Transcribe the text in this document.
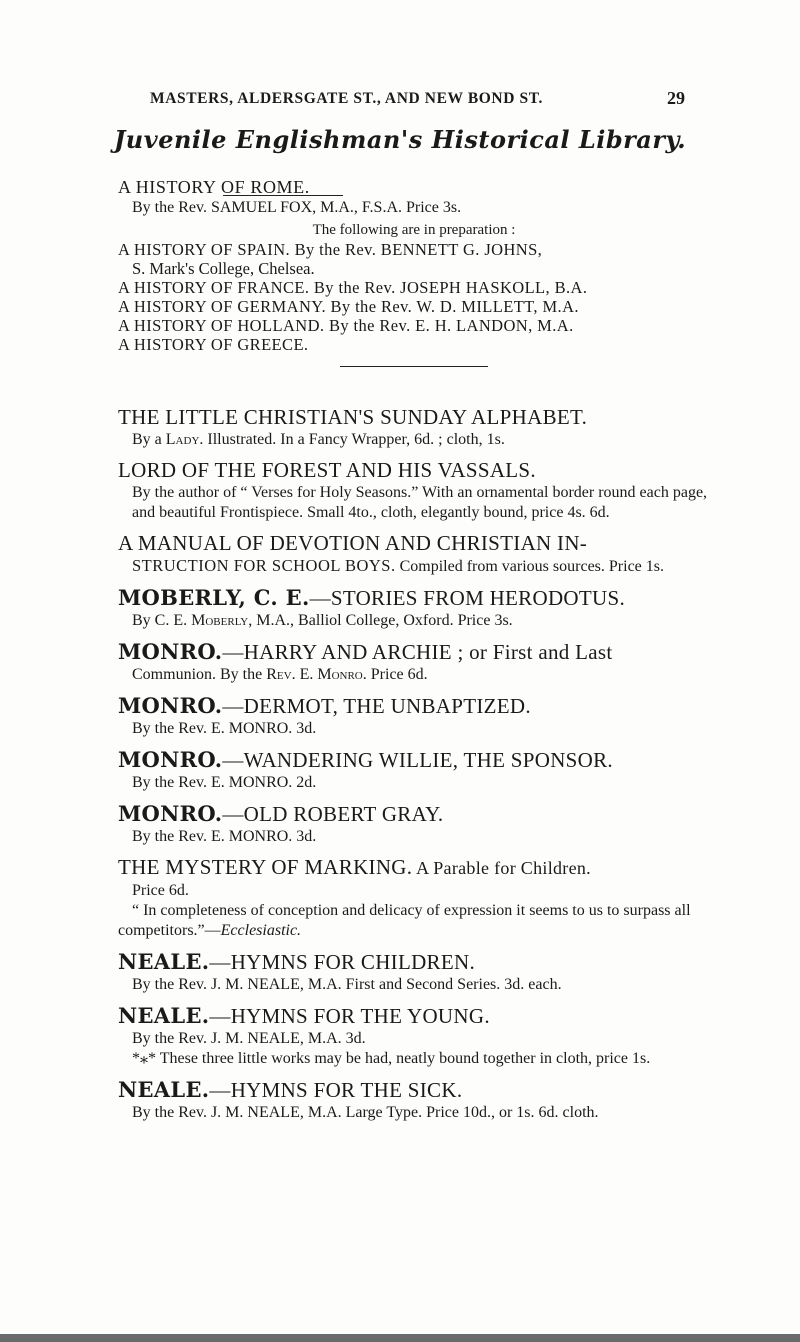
MASTERS, ALDERSGATE ST., AND NEW BOND ST.	29
Juvenile Englishman's Historical Library.

A HISTORY OF ROME.

By the Rev. SAMUEL FOX, M.A., F.S.A. Price 3s.

The following are in preparation :

A HISTORY OF SPAIN. By the Rev. BENNETT G. JOHNS,

S. Mark's College, Chelsea.

A HISTORY OF FRANCE. By the Rev. JOSEPH HASKOLL, B.A.

A HISTORY OF GERMANY. By the Rev. W. D. MILLETT, M.A.

A HISTORY OF HOLLAND. By the Rev. E. H. LANDON, M.A.

A HISTORY OF GREECE.

THE LITTLE CHRISTIAN'S SUNDAY ALPHABET.

By a Lady. Illustrated. In a Fancy Wrapper, 6d. ; cloth, 1s.

LORD OF THE FOREST AND HIS VASSALS.

By the author of “ Verses for Holy Seasons.” With an ornamental border round each page, and beautiful Frontispiece. Small 4to., cloth, elegantly bound, price 4s. 6d.

A MANUAL OF DEVOTION AND CHRISTIAN IN-

STRUCTION FOR SCHOOL BOYS. Compiled from various sources. Price 1s.

MOBERLY, C. E.—STORIES FROM HERODOTUS.

By C. E. Moberly, M.A., Balliol College, Oxford. Price 3s.

MONRO.—HARRY AND ARCHIE ; or First and Last

Communion. By the Rev. E. Monro. Price 6d.

MONRO.—DERMOT, THE UNBAPTIZED.

By the Rev. E. MONRO. 3d.

MONRO.—WANDERING WILLIE, THE SPONSOR.

By the Rev. E. MONRO. 2d.

MONRO.—OLD ROBERT GRAY.

By the Rev. E. MONRO. 3d.

THE MYSTERY OF MARKING. A Parable for Children.

Price 6d.

“ In completeness of conception and delicacy of expression it seems to us to surpass all competitors.”—Ecclesiastic.

NEALE.—HYMNS FOR CHILDREN.

By the Rev. J. M. NEALE, M.A. First and Second Series. 3d. each.

NEALE.—HYMNS FOR THE YOUNG.

By the Rev. J. M. NEALE, M.A. 3d.

*⁎* These three little works may be had, neatly bound together in cloth, price 1s.

NEALE.—HYMNS FOR THE SICK.

By the Rev. J. M. NEALE, M.A. Large Type. Price 10d., or 1s. 6d. cloth.
